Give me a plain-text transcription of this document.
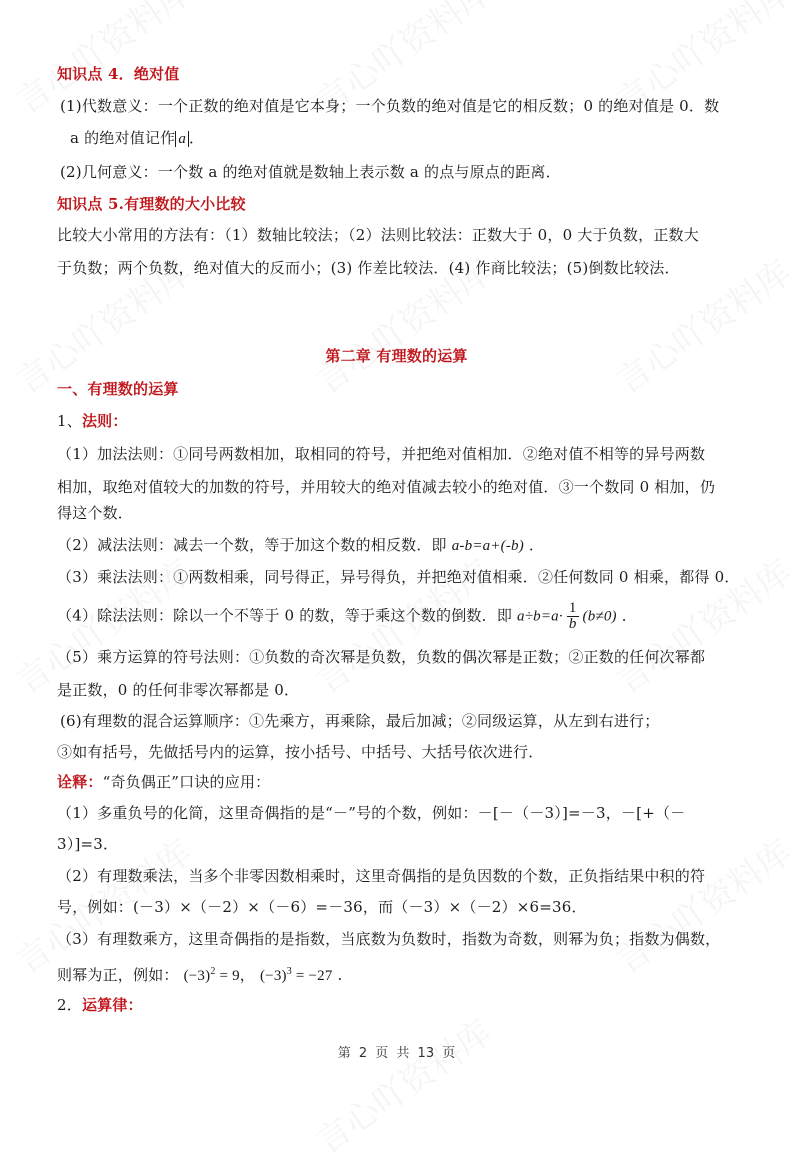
知识点 4．绝对值
(1)代数意义：一个正数的绝对值是它本身；一个负数的绝对值是它的相反数；0 的绝对值是 0．数
a 的绝对值记作 a ．
(2)几何意义：一个数 a 的绝对值就是数轴上表示数 a 的点与原点的距离．
知识点 5.有理数的大小比较
比较大小常用的方法有：（1）数轴比较法；（2）法则比较法：正数大于 0，0 大于负数，正数大
于负数；两个负数，绝对值大的反而小；(3) 作差比较法．(4) 作商比较法；(5)倒数比较法．
第二章 有理数的运算
一、有理数的运算
1、法则：
（1）加法法则：①同号两数相加，取相同的符号，并把绝对值相加．②绝对值不相等的异号两数
相加，取绝对值较大的加数的符号，并用较大的绝对值减去较小的绝对值．③一个数同 0 相加，仍
得这个数．
（2）减法法则：减去一个数，等于加这个数的相反数．即 a-b=a+(-b) ．
（3）乘法法则：①两数相乘，同号得正，异号得负，并把绝对值相乘．②任何数同 0 相乘，都得 0．
（4）除法法则：除以一个不等于 0 的数，等于乘这个数的倒数．即 $a\div b=a\cdot \frac{1}{b} (b\ne 0)$ ．
（5）乘方运算的符号法则：①负数的奇次幂是负数，负数的偶次幂是正数；②正数的任何次幂都
是正数，0 的任何非零次幂都是 0．
(6)有理数的混合运算顺序：①先乘方，再乘除，最后加减；②同级运算，从左到右进行；
③如有括号，先做括号内的运算，按小括号、中括号、大括号依次进行．
诠释：“奇负偶正”口诀的应用：
（1）多重负号的化简，这里奇偶指的是“－”号的个数，例如：－[－（－3）]=－3，－[+（－
3）]=3．
（2）有理数乘法，当多个非零因数相乘时，这里奇偶指的是负因数的个数，正负指结果中积的符
号，例如：(－3）×（－2）×（－6）=－36，而（－3）×（－2）×6=36．
（3）有理数乘方，这里奇偶指的是指数，当底数为负数时，指数为奇数，则幂为负；指数为偶数，
则幂为正，例如： $(-3)^2 = 9$， $(-3)^3 = -27$ .
2．运算律：
第 2 页 共 13 页
